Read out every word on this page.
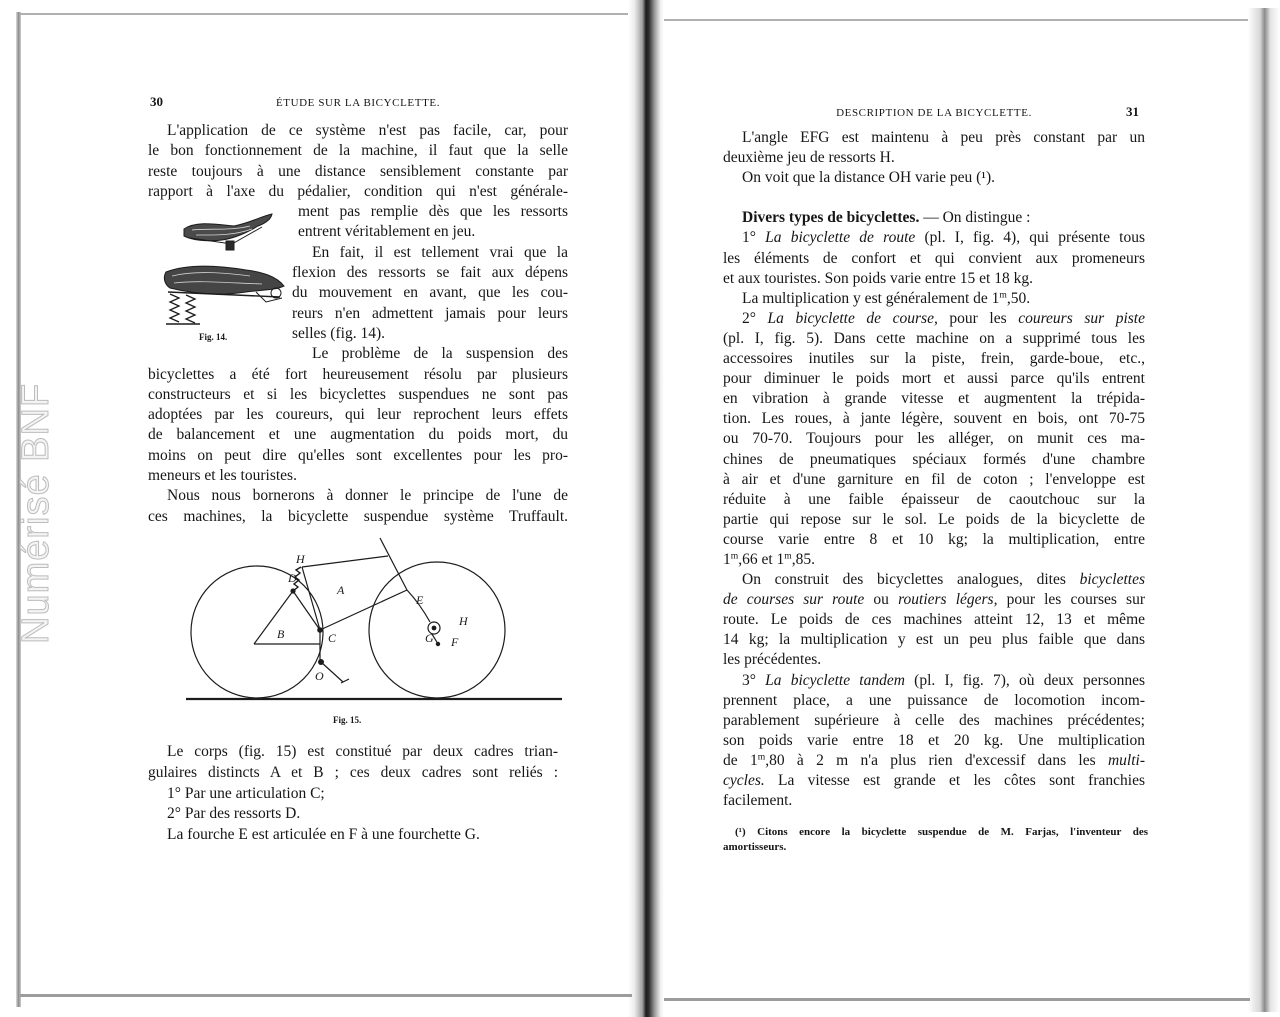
Numérisé BNF
30	ÉTUDE SUR LA BICYCLETTE.
L'application de ce système n'est pas facile, car, pour
le bon fonctionnement de la machine, il faut que la selle
reste toujours à une distance sensiblement constante par
rapport à l'axe du pédalier, condition qui n'est générale-
ment pas remplie dès que les ressorts
entrent véritablement en jeu.
En fait, il est tellement vrai que la
flexion des ressorts se fait aux dépens
du mouvement en avant, que les cou-
reurs n'en admettent jamais pour leurs
selles (fig. 14).
Le problème de la suspension des
bicyclettes a été fort heureusement résolu par plusieurs
constructeurs et si les bicyclettes suspendues ne sont pas
adoptées par les coureurs, qui leur reprochent leurs effets
de balancement et une augmentation du poids mort, du
moins on peut dire qu'elles sont excellentes pour les pro-
meneurs et les touristes.
Nous nous bornerons à donner le principe de l'une de
ces machines, la bicyclette suspendue système Truffault.
Fig. 14.
H
D
A
B	C
O
E
H
G F
Fig. 15.
Le corps (fig. 15) est constitué par deux cadres trian-
gulaires distincts A et B ; ces deux cadres sont reliés :
1° Par une articulation C;
2° Par des ressorts D.
La fourche E est articulée en F à une fourchette G.
DESCRIPTION DE LA BICYCLETTE.	31
L'angle EFG est maintenu à peu près constant par un
deuxième jeu de ressorts H.
On voit que la distance OH varie peu (¹).
Divers types de bicyclettes. — On distingue :
1° La bicyclette de route (pl. I, fig. 4), qui présente tous
les éléments de confort et qui convient aux promeneurs
et aux touristes. Son poids varie entre 15 et 18 kg.
La multiplication y est généralement de 1$^m$,50.
2° La bicyclette de course, pour les coureurs sur piste
(pl. I, fig. 5). Dans cette machine on a supprimé tous les
accessoires inutiles sur la piste, frein, garde-boue, etc.,
pour diminuer le poids mort et aussi parce qu'ils entrent
en vibration à grande vitesse et augmentent la trépida-
tion. Les roues, à jante légère, souvent en bois, ont 70-75
ou 70-70. Toujours pour les alléger, on munit ces ma-
chines de pneumatiques spéciaux formés d'une chambre
à air et d'une garniture en fil de coton ; l'enveloppe est
réduite à une faible épaisseur de caoutchouc sur la
partie qui repose sur le sol. Le poids de la bicyclette de
course varie entre 8 et 10 kg; la multiplication, entre
1$^m$,66 et 1$^m$,85.
On construit des bicyclettes analogues, dites bicyclettes
de courses sur route ou routiers légers, pour les courses sur
route. Le poids de ces machines atteint 12, 13 et même
14 kg; la multiplication y est un peu plus faible que dans
les précédentes.
3° La bicyclette tandem (pl. I, fig. 7), où deux personnes
prennent place, a une puissance de locomotion incom-
parablement supérieure à celle des machines précédentes;
son poids varie entre 18 et 20 kg. Une multiplication
de 1$^m$,80 à 2 m n'a plus rien d'excessif dans les multi-
cycles. La vitesse est grande et les côtes sont franchies
facilement.
(¹) Citons encore la bicyclette suspendue de M. Farjas, l'inventeur des
amortisseurs.
